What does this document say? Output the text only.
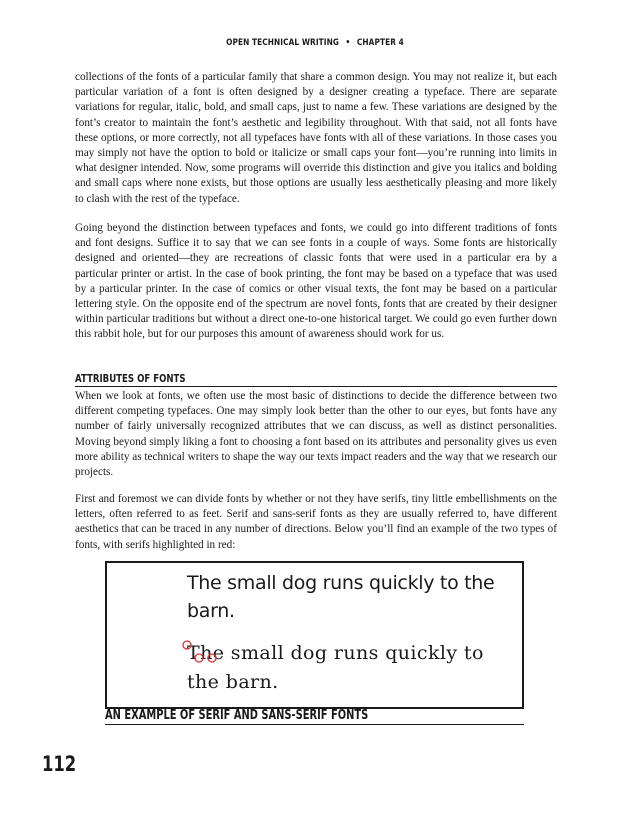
OPEN TECHNICAL WRITING • CHAPTER 4

collections of the fonts of a particular family that share a common design. You may not realize it, but each particular variation of a font is often designed by a designer creating a typeface. There are separate variations for regular, italic, bold, and small caps, just to name a few. These variations are designed by the font’s creator to maintain the font’s aesthetic and legibility throughout. With that said, not all fonts have these options, or more correctly, not all typefaces have fonts with all of these variations. In those cases you may simply not have the option to bold or italicize or small caps your font—you’re running into limits in what designer intended. Now, some programs will override this distinction and give you italics and bolding and small caps where none exists, but those options are usually less aesthetically pleasing and more likely to clash with the rest of the typeface.

Going beyond the distinction between typefaces and fonts, we could go into different traditions of fonts and font designs. Suffice it to say that we can see fonts in a couple of ways. Some fonts are historically designed and oriented—they are recreations of classic fonts that were used in a particular era by a particular printer or artist. In the case of book printing, the font may be based on a typeface that was used by a particular printer. In the case of comics or other visual texts, the font may be based on a particular lettering style. On the opposite end of the spectrum are novel fonts, fonts that are created by their designer within particular traditions but without a direct one-to-one historical target. We could go even further down this rabbit hole, but for our purposes this amount of awareness should work for us.

ATTRIBUTES OF FONTS

When we look at fonts, we often use the most basic of distinctions to decide the difference between two different competing typefaces. One may simply look better than the other to our eyes, but fonts have any number of fairly universally recognized attributes that we can discuss, as well as distinct personalities. Moving beyond simply liking a font to choosing a font based on its attributes and personality gives us even more ability as technical writers to shape the way our texts impact readers and the way that we research our projects.

First and foremost we can divide fonts by whether or not they have serifs, tiny little embellishments on the letters, often referred to as feet. Serif and sans-serif fonts as they are usually referred to, have different aesthetics that can be traced in any number of directions. Below you’ll find an example of the two types of fonts, with serifs highlighted in red:

The small dog runs quickly to the barn.
The small dog runs quickly to the barn.
AN EXAMPLE OF SERIF AND SANS-SERIF FONTS
112
